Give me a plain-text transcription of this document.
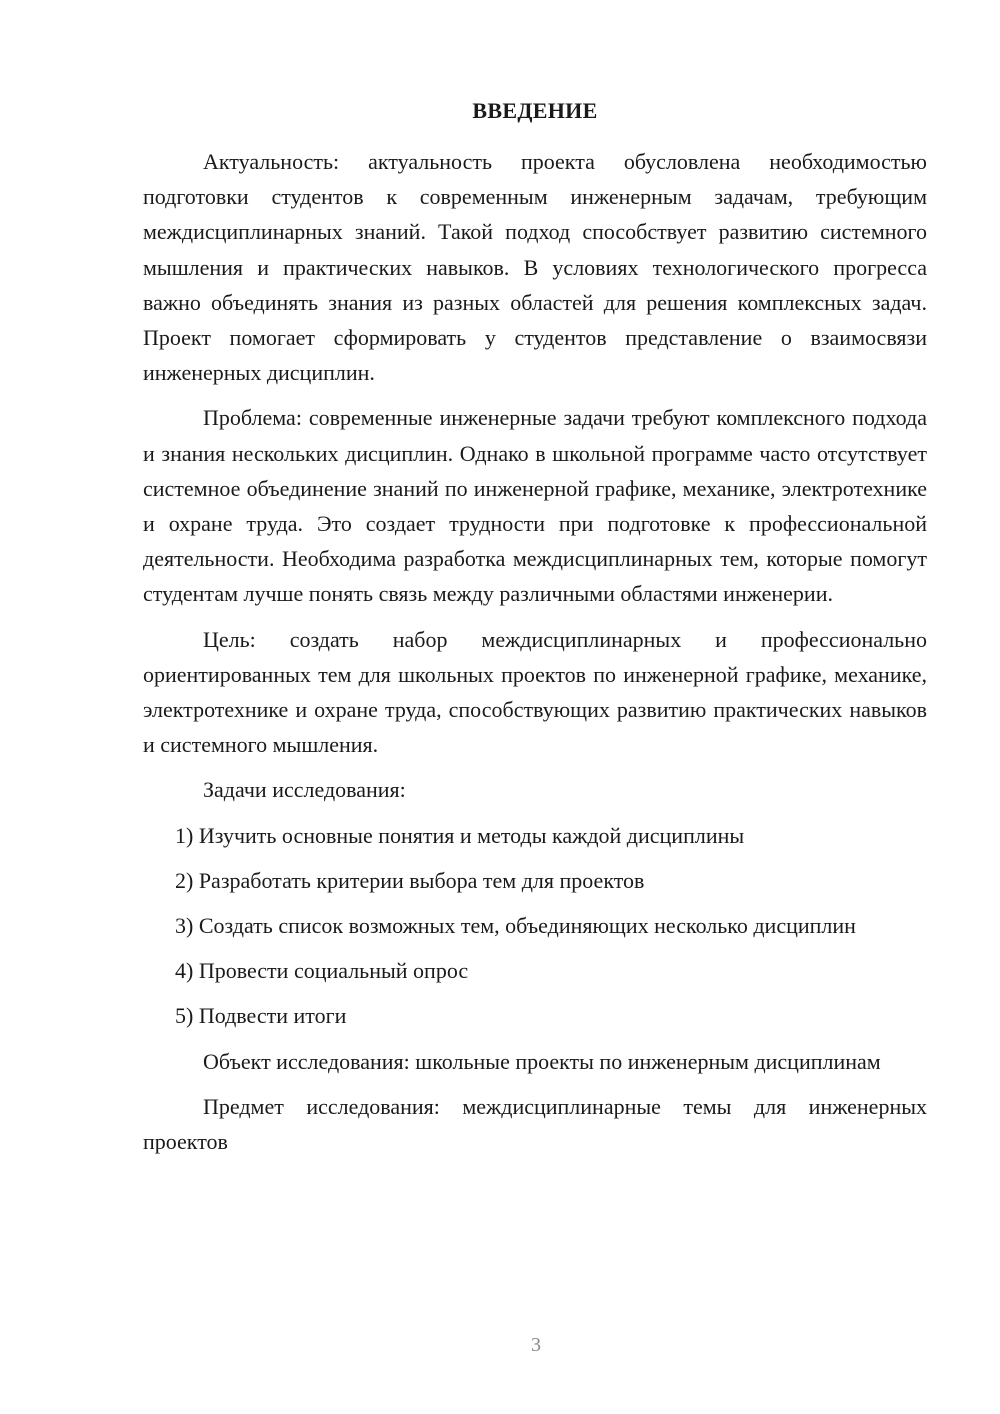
ВВЕДЕНИЕ

Актуальность: актуальность проекта обусловлена необходимостью подготовки студентов к современным инженерным задачам, требующим междисциплинарных знаний. Такой подход способствует развитию системного мышления и практических навыков. В условиях технологического прогресса важно объединять знания из разных областей для решения комплексных задач. Проект помогает сформировать у студентов представление о взаимосвязи инженерных дисциплин.

Проблема: современные инженерные задачи требуют комплексного подхода и знания нескольких дисциплин. Однако в школьной программе часто отсутствует системное объединение знаний по инженерной графике, механике, электротехнике и охране труда. Это создает трудности при подготовке к профессиональной деятельности. Необходима разработка междисциплинарных тем, которые помогут студентам лучше понять связь между различными областями инженерии.

Цель: создать набор междисциплинарных и профессионально ориентированных тем для школьных проектов по инженерной графике, механике, электротехнике и охране труда, способствующих развитию практических навыков и системного мышления.

Задачи исследования:

1) Изучить основные понятия и методы каждой дисциплины

2) Разработать критерии выбора тем для проектов

3) Создать список возможных тем, объединяющих несколько дисциплин

4) Провести социальный опрос

5) Подвести итоги

Объект исследования: школьные проекты по инженерным дисциплинам

Предмет исследования: междисциплинарные темы для инженерных проектов

3
